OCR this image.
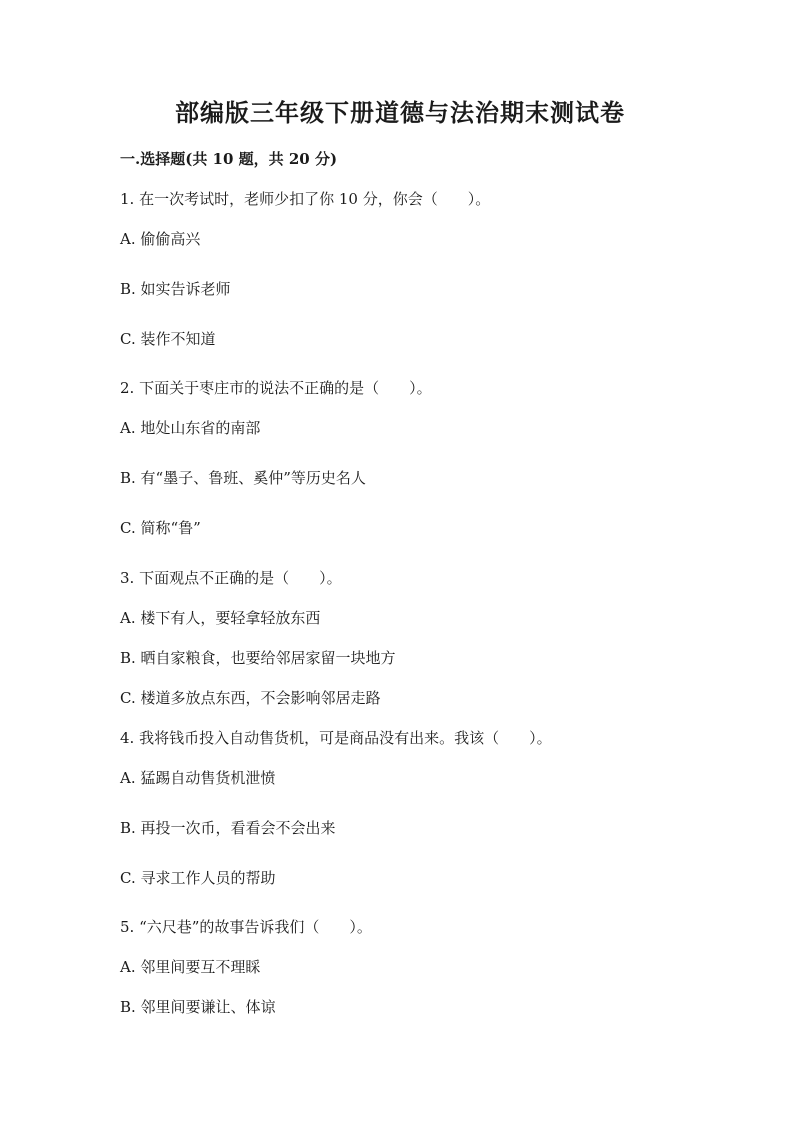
部编版三年级下册道德与法治期末测试卷
一.选择题(共 10 题，共 20 分)
1. 在一次考试时，老师少扣了你 10 分，你会（　　）。
A. 偷偷高兴
B. 如实告诉老师
C. 装作不知道
2. 下面关于枣庄市的说法不正确的是（　　）。
A. 地处山东省的南部
B. 有“墨子、鲁班、奚仲”等历史名人
C. 简称“鲁”
3. 下面观点不正确的是（　　）。
A. 楼下有人，要轻拿轻放东西
B. 晒自家粮食，也要给邻居家留一块地方
C. 楼道多放点东西，不会影响邻居走路
4. 我将钱币投入自动售货机，可是商品没有出来。我该（　　）。
A. 猛踢自动售货机泄愤
B. 再投一次币，看看会不会出来
C. 寻求工作人员的帮助
5. “六尺巷”的故事告诉我们（　　）。
A. 邻里间要互不理睬
B. 邻里间要谦让、体谅
